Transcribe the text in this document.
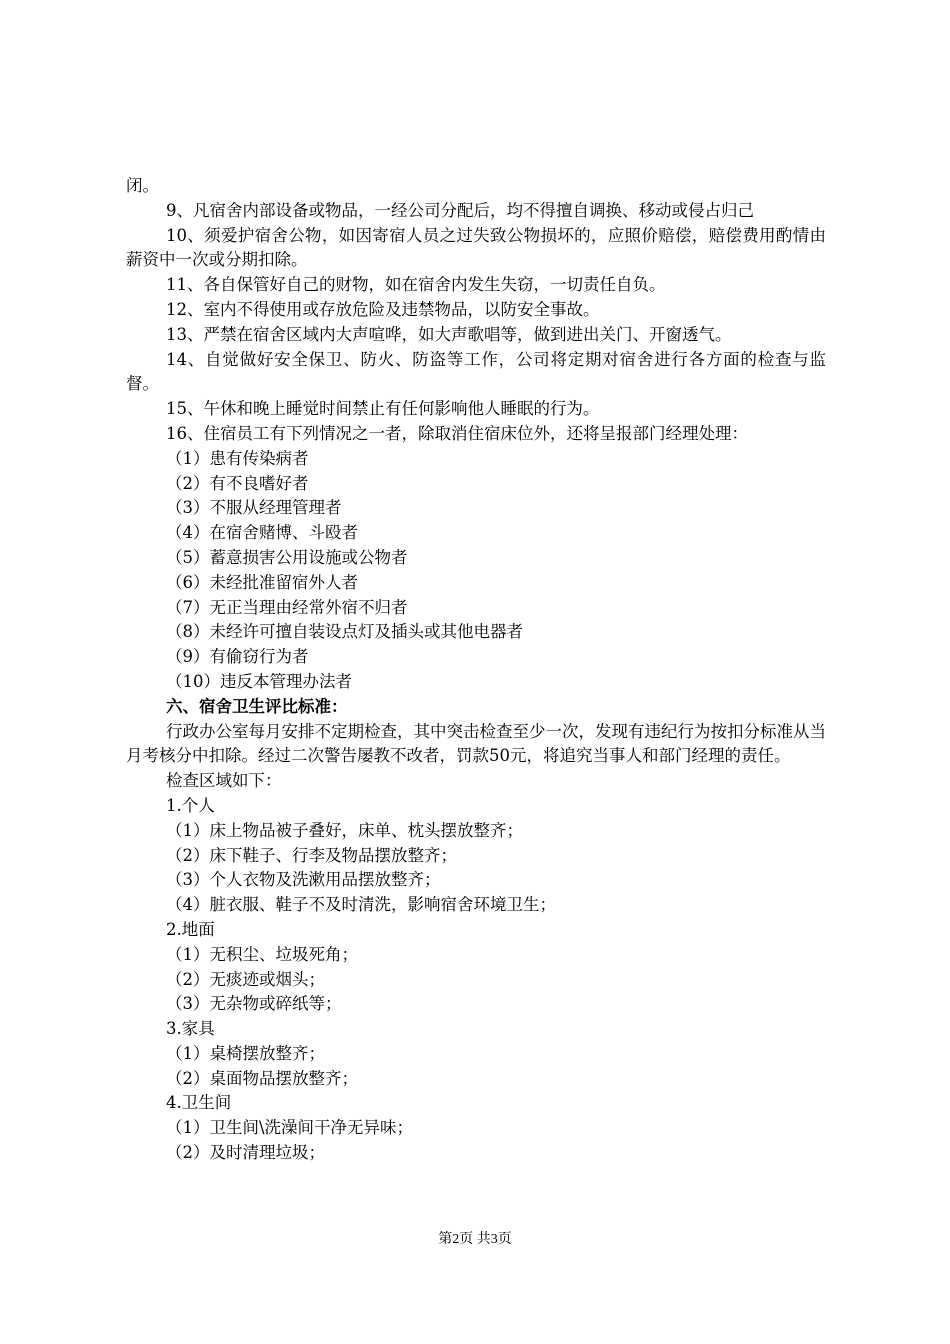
闭。
9、凡宿舍内部设备或物品，一经公司分配后，均不得擅自调换、移动或侵占归己
10、须爱护宿舍公物，如因寄宿人员之过失致公物损坏的，应照价赔偿，赔偿费用酌情由薪资中一次或分期扣除。
11、各自保管好自己的财物，如在宿舍内发生失窃，一切责任自负。
12、室内不得使用或存放危险及违禁物品，以防安全事故。
13、严禁在宿舍区域内大声喧哗，如大声歌唱等，做到进出关门、开窗透气。
14、自觉做好安全保卫、防火、防盗等工作，公司将定期对宿舍进行各方面的检查与监督。
15、午休和晚上睡觉时间禁止有任何影响他人睡眠的行为。
16、住宿员工有下列情况之一者，除取消住宿床位外，还将呈报部门经理处理：
（1）患有传染病者
（2）有不良嗜好者
（3）不服从经理管理者
（4）在宿舍赌博、斗殴者
（5）蓄意损害公用设施或公物者
（6）未经批准留宿外人者
（7）无正当理由经常外宿不归者
（8）未经许可擅自装设点灯及插头或其他电器者
（9）有偷窃行为者
（10）违反本管理办法者
六、宿舍卫生评比标准：
行政办公室每月安排不定期检查，其中突击检查至少一次，发现有违纪行为按扣分标准从当月考核分中扣除。经过二次警告屡教不改者，罚款50元，将追究当事人和部门经理的责任。
检查区域如下：
1.个人
（1）床上物品被子叠好，床单、枕头摆放整齐；
（2）床下鞋子、行李及物品摆放整齐；
（3）个人衣物及洗漱用品摆放整齐；
（4）脏衣服、鞋子不及时清洗，影响宿舍环境卫生；
2.地面
（1）无积尘、垃圾死角；
（2）无痰迹或烟头；
（3）无杂物或碎纸等；
3.家具
（1）桌椅摆放整齐；
（2）桌面物品摆放整齐；
4.卫生间
（1）卫生间\洗澡间干净无异味；
（2）及时清理垃圾；
第2页 共3页
